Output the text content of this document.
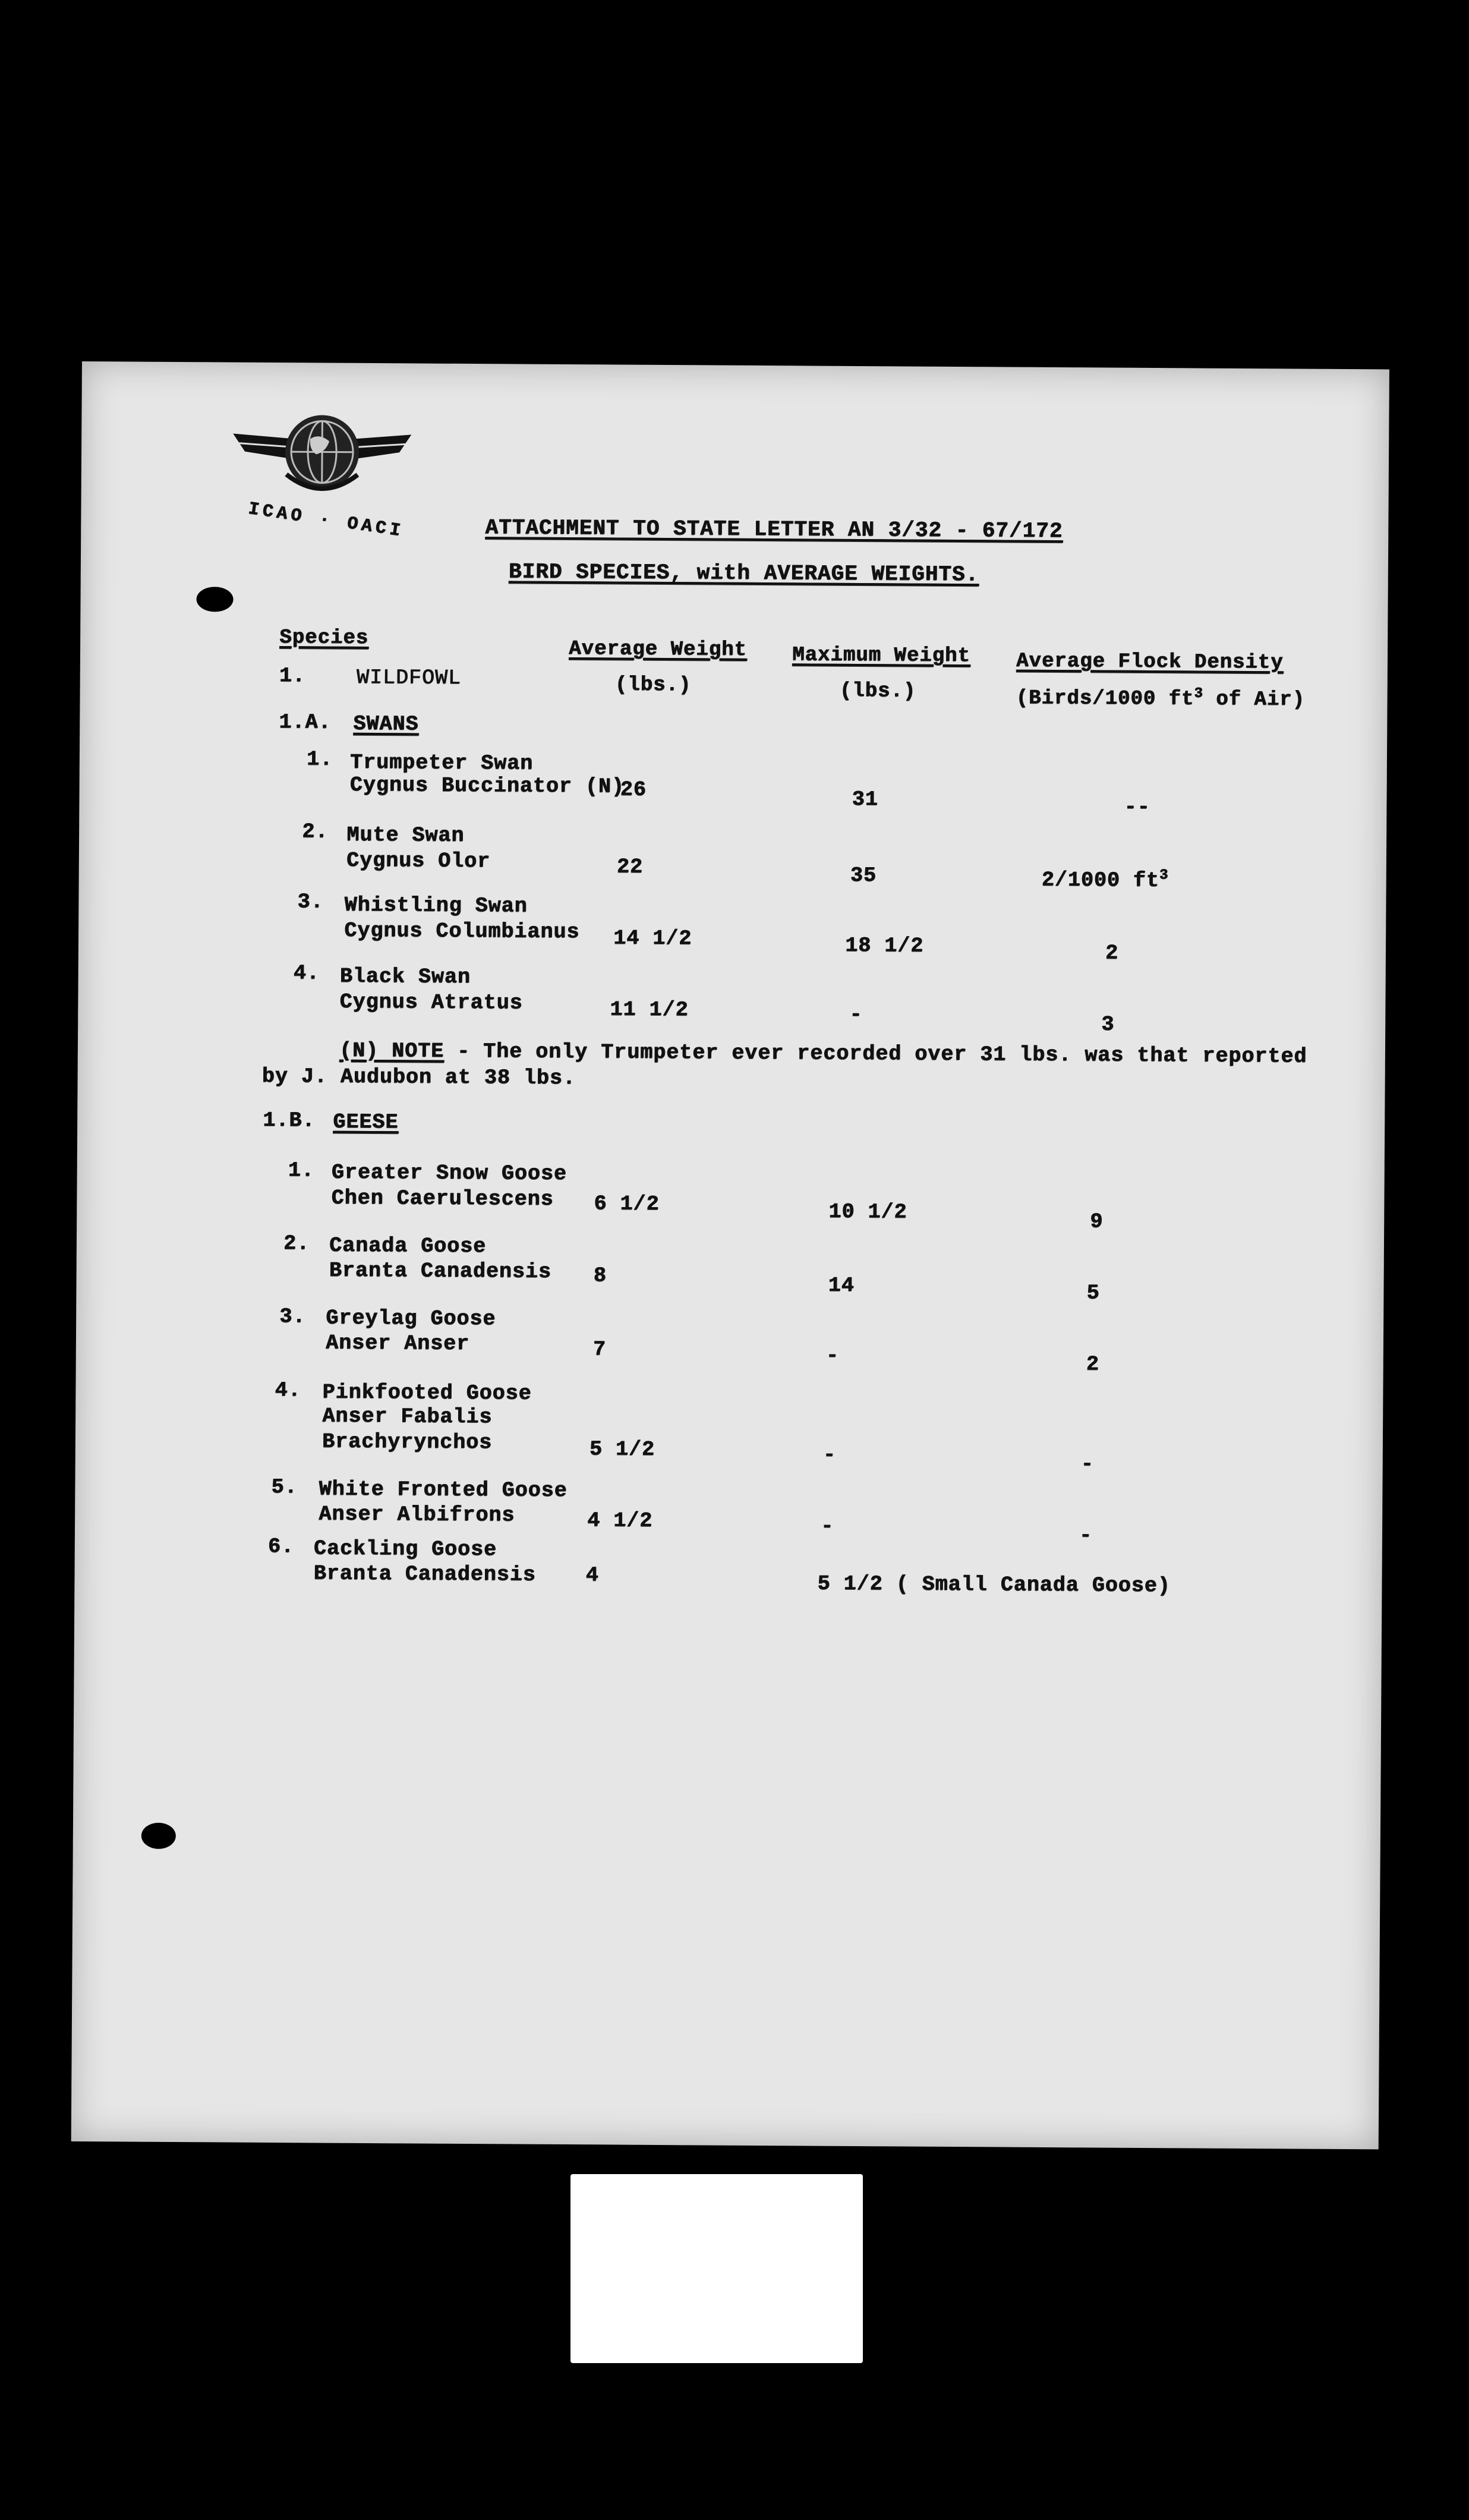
ICAO · OACI	ATTACHMENT TO STATE LETTER AN 3/32 - 67/172
BIRD SPECIES, with AVERAGE WEIGHTS.
Species	Average Weight
(lbs.)
Maximum Weight
(lbs.)
Average Flock Density
(Birds/1000 $ft^3$ of Air)
1. WILDFOWL
1.A. SWANS
1. Trumpeter Swan
Cygnus Buccinator (N)
26	31	--
2. Mute Swan
Cygnus Olor	22	35	2/1000 $ft^3$
3. Whistling Swan
Cygnus Columbianus 14 1/2	18 1/2	2
4. Black Swan
Cygnus Atratus	11 1/2	-	3
(N) NOTE - The only Trumpeter ever recorded over 31 lbs. was that reported
by J. Audubon at 38 lbs.
1.B. GEESE
1. Greater Snow Goose
Chen Caerulescens 6 1/2	10 1/2	9
2. Canada Goose
Branta Canadensis 8	14	5
3. Greylag Goose
Anser Anser	7	-	2
4. Pinkfooted Goose
Anser Fabalis
Brachyrynchos	5 1/2	-	-
5. White Fronted Goose
Anser Albifrons	4 1/2	-	-
6. Cackling Goose
Branta Canadensis 4	5 1/2 ( Small Canada Goose)
